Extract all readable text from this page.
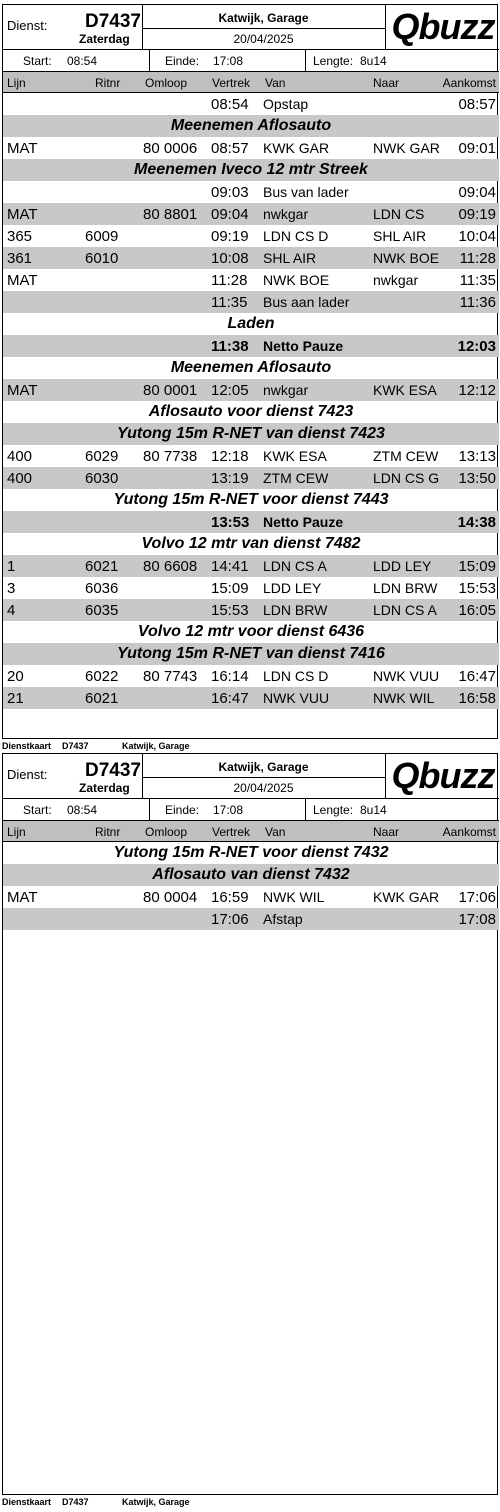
Dienst: D7437
Zaterdag
Katwijk, Garage
20/04/2025	Qbuzz
Start: 08:54	Einde: 17:08	Lengte: 8u14
Lijn	Ritnr Omloop Vertrek Van	Naar	Aankomst
08:54 Opstap	08:57
Meenemen Aflosauto
MAT	80 0006 08:57 KWK GAR	NWK GAR 09:01
Meenemen Iveco 12 mtr Streek
09:03 Bus van lader	09:04
MAT	80 8801 09:04 nwkgar	LDN CS 09:19
365	6009	09:19 LDN CS D	SHL AIR 10:04
361	6010	10:08 SHL AIR	NWK BOE 11:28
MAT	11:28 NWK BOE	nwkgar	11:35
11:35 Bus aan lader	11:36
Laden
11:38 Netto Pauze	12:03
Meenemen Aflosauto
MAT	80 0001 12:05 nwkgar	KWK ESA 12:12
Aflosauto voor dienst 7423
Yutong 15m R-NET van dienst 7423
400	6029 80 7738 12:18 KWK ESA	ZTM CEW 13:13
400	6030	13:19 ZTM CEW	LDN CS G 13:50
Yutong 15m R-NET voor dienst 7443
13:53 Netto Pauze	14:38
Volvo 12 mtr van dienst 7482
1	6021 80 6608 14:41 LDN CS A	LDD LEY 15:09
3	6036	15:09 LDD LEY	LDN BRW 15:53
4	6035	15:53 LDN BRW	LDN CS A 16:05
Volvo 12 mtr voor dienst 6436
Yutong 15m R-NET van dienst 7416
20	6022 80 7743 16:14 LDN CS D	NWK VUU 16:47
21	6021	16:47 NWK VUU	NWK WIL 16:58
Dienstkaart D7437	Katwijk, Garage
Dienst: D7437
Zaterdag
Katwijk, Garage
20/04/2025	Qbuzz
Start: 08:54	Einde: 17:08	Lengte: 8u14
Lijn	Ritnr Omloop Vertrek Van	Naar	Aankomst
Yutong 15m R-NET voor dienst 7432
Aflosauto van dienst 7432
MAT	80 0004 16:59 NWK WIL	KWK GAR 17:06
17:06 Afstap	17:08
Dienstkaart D7437	Katwijk, Garage
